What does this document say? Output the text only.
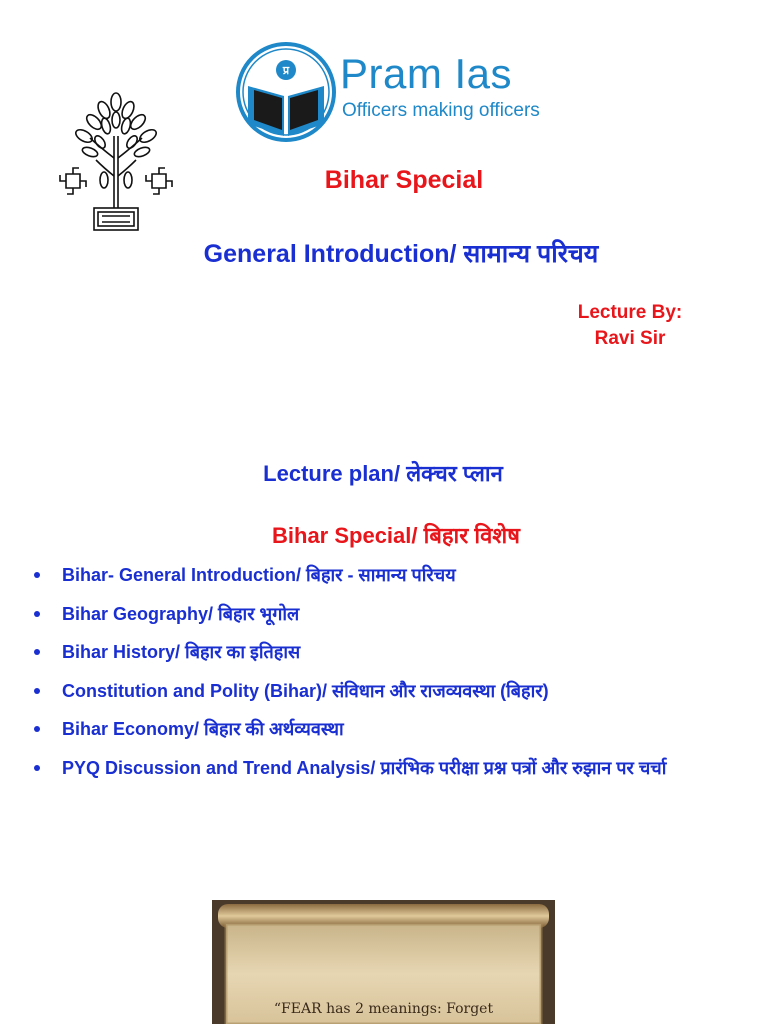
प्र Pram Ias
Officers making officers
Bihar Special
General Introduction/ सामान्य परिचय
Lecture By:
Ravi Sir
Lecture plan/ लेक्चर प्लान
Bihar Special/ बिहार विशेष
Bihar- General Introduction/ बिहार - सामान्य परिचय
Bihar Geography/ बिहार भूगोल
Bihar History/ बिहार का इतिहास
Constitution and Polity (Bihar)/ संविधान और राजव्यवस्था (बिहार)
Bihar Economy/ बिहार की अर्थव्यवस्था
PYQ Discussion and Trend Analysis/ प्रारंभिक परीक्षा प्रश्न पत्रों और रुझान पर चर्चा
“FEAR has 2 meanings: Forget
